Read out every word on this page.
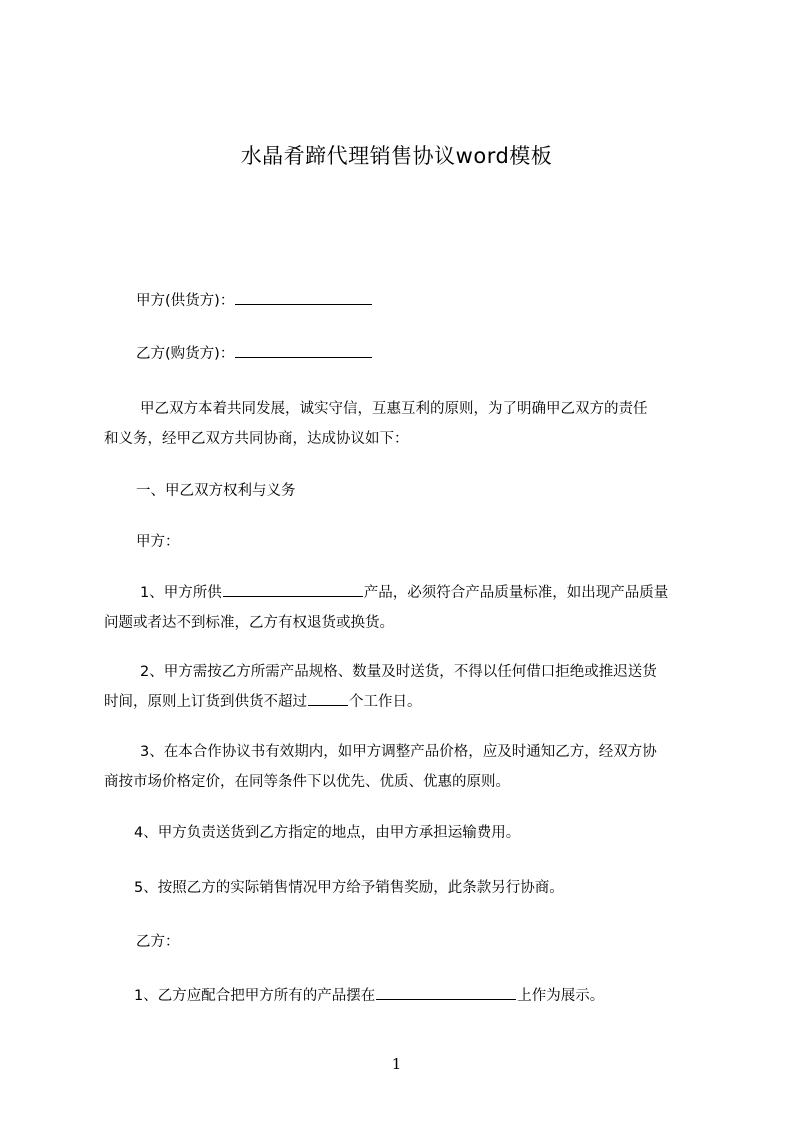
水晶肴蹄代理销售协议word模板
甲方(供货方)：
乙方(购货方)：
甲乙双方本着共同发展，诚实守信，互惠互利的原则，为了明确甲乙双方的责任
和义务，经甲乙双方共同协商，达成协议如下：
一、甲乙双方权利与义务
甲方：
1、甲方所供	产品，必须符合产品质量标准，如出现产品质量
问题或者达不到标准，乙方有权退货或换货。
2、甲方需按乙方所需产品规格、数量及时送货，不得以任何借口拒绝或推迟送货
时间，原则上订货到供货不超过	个工作日。
3、在本合作协议书有效期内，如甲方调整产品价格，应及时通知乙方，经双方协
商按市场价格定价，在同等条件下以优先、优质、优惠的原则。
4、甲方负责送货到乙方指定的地点，由甲方承担运输费用。
5、按照乙方的实际销售情况甲方给予销售奖励，此条款另行协商。
乙方：
1、乙方应配合把甲方所有的产品摆在	上作为展示。
1
